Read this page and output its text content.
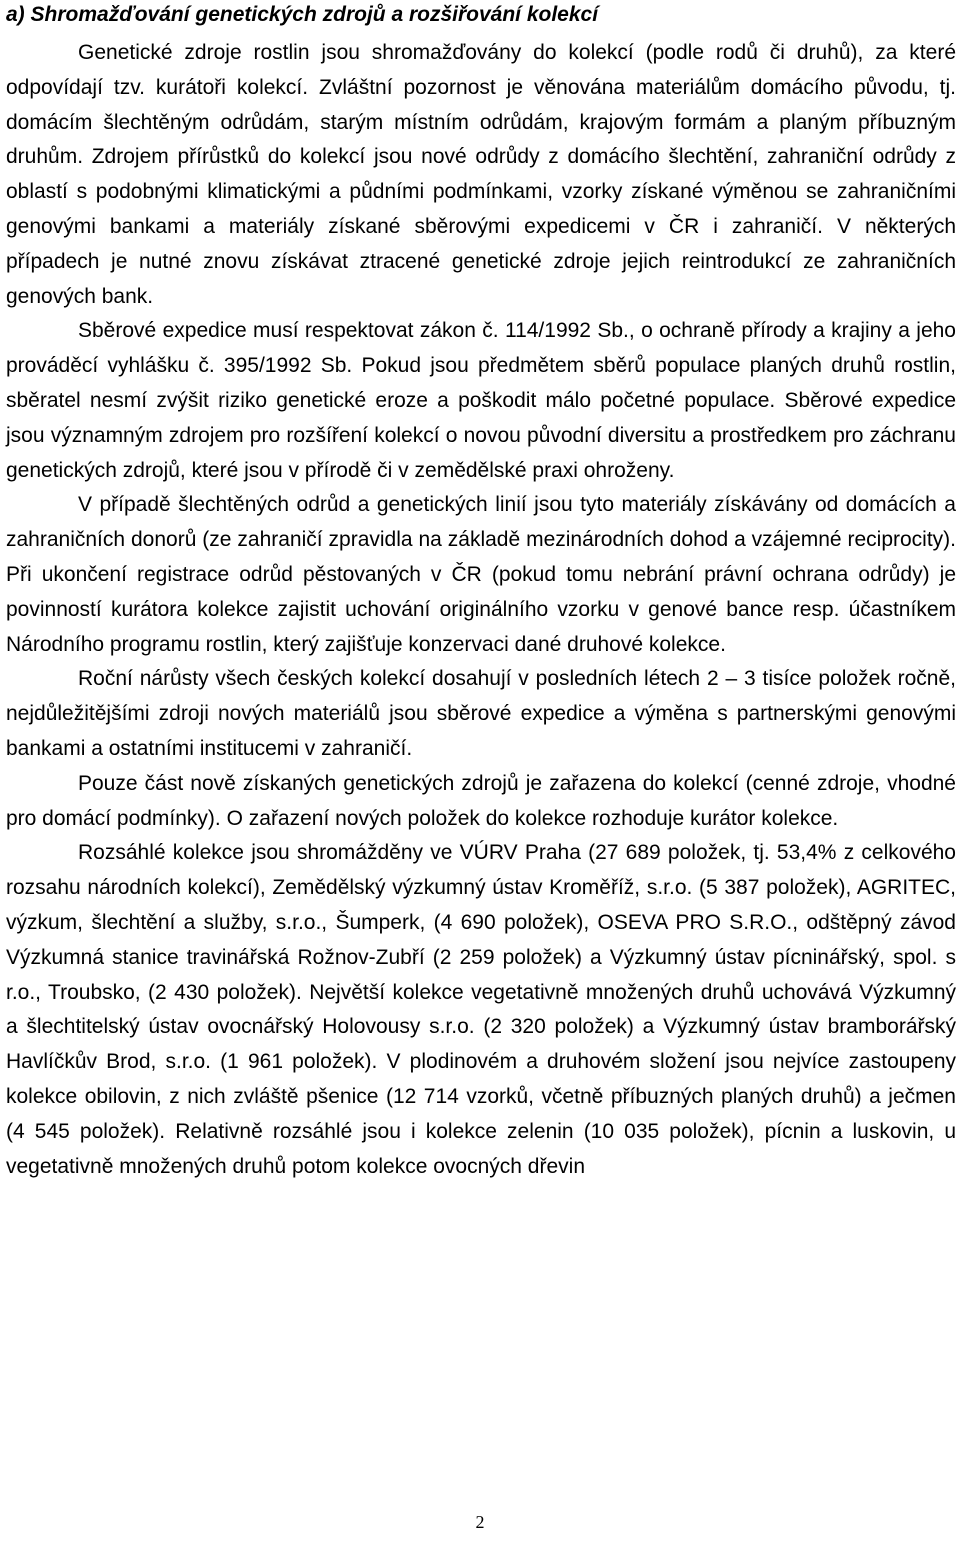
a) Shromažďování genetických zdrojů a rozšiřování kolekcí

Genetické zdroje rostlin jsou shromažďovány do kolekcí (podle rodů či druhů), za které odpovídají tzv. kurátoři kolekcí. Zvláštní pozornost je věnována materiálům domácího původu, tj. domácím šlechtěným odrůdám, starým místním odrůdám, krajovým formám a planým příbuzným druhům. Zdrojem přírůstků do kolekcí jsou nové odrůdy z domácího šlechtění, zahraniční odrůdy z oblastí s podobnými klimatickými a půdními podmínkami, vzorky získané výměnou se zahraničními genovými bankami a materiály získané sběrovými expedicemi v ČR i zahraničí. V některých případech je nutné znovu získávat ztracené genetické zdroje jejich reintrodukcí ze zahraničních genových bank.

Sběrové expedice musí respektovat zákon č. 114/1992 Sb., o ochraně přírody a krajiny a jeho prováděcí vyhlášku č. 395/1992 Sb. Pokud jsou předmětem sběrů populace planých druhů rostlin, sběratel nesmí zvýšit riziko genetické eroze a poškodit málo početné populace. Sběrové expedice jsou významným zdrojem pro rozšíření kolekcí o novou původní diversitu a prostředkem pro záchranu genetických zdrojů, které jsou v přírodě či v zemědělské praxi ohroženy.

V případě šlechtěných odrůd a genetických linií jsou tyto materiály získávány od domácích a zahraničních donorů (ze zahraničí zpravidla na základě mezinárodních dohod a vzájemné reciprocity). Při ukončení registrace odrůd pěstovaných v ČR (pokud tomu nebrání právní ochrana odrůdy) je povinností kurátora kolekce zajistit uchování originálního vzorku v genové bance resp. účastníkem Národního programu rostlin, který zajišťuje konzervaci dané druhové kolekce.

Roční nárůsty všech českých kolekcí dosahují v posledních létech 2 – 3 tisíce položek ročně, nejdůležitějšími zdroji nových materiálů jsou sběrové expedice a výměna s partnerskými genovými bankami a ostatními institucemi v zahraničí.

Pouze část nově získaných genetických zdrojů je zařazena do kolekcí (cenné zdroje, vhodné pro domácí podmínky). O zařazení nových položek do kolekce rozhoduje kurátor kolekce.

Rozsáhlé kolekce jsou shromážděny ve VÚRV Praha (27 689 položek, tj. 53,4% z celkového rozsahu národních kolekcí), Zemědělský výzkumný ústav Kroměříž, s.r.o. (5 387 položek), AGRITEC, výzkum, šlechtění a služby, s.r.o., Šumperk, (4 690 položek), OSEVA PRO S.R.O., odštěpný závod Výzkumná stanice travinářská Rožnov-Zubří (2 259 položek) a Výzkumný ústav pícninářský, spol. s r.o., Troubsko, (2 430 položek). Největší kolekce vegetativně množených druhů uchovává Výzkumný a šlechtitelský ústav ovocnářský Holovousy s.r.o. (2 320 položek) a Výzkumný ústav bramborářský Havlíčkův Brod, s.r.o. (1 961 položek). V plodinovém a druhovém složení jsou nejvíce zastoupeny kolekce obilovin, z nich zvláště pšenice (12 714 vzorků, včetně příbuzných planých druhů) a ječmen (4 545 položek). Relativně rozsáhlé jsou i kolekce zelenin (10 035 položek), pícnin a luskovin, u vegetativně množených druhů potom kolekce ovocných dřevin

2
